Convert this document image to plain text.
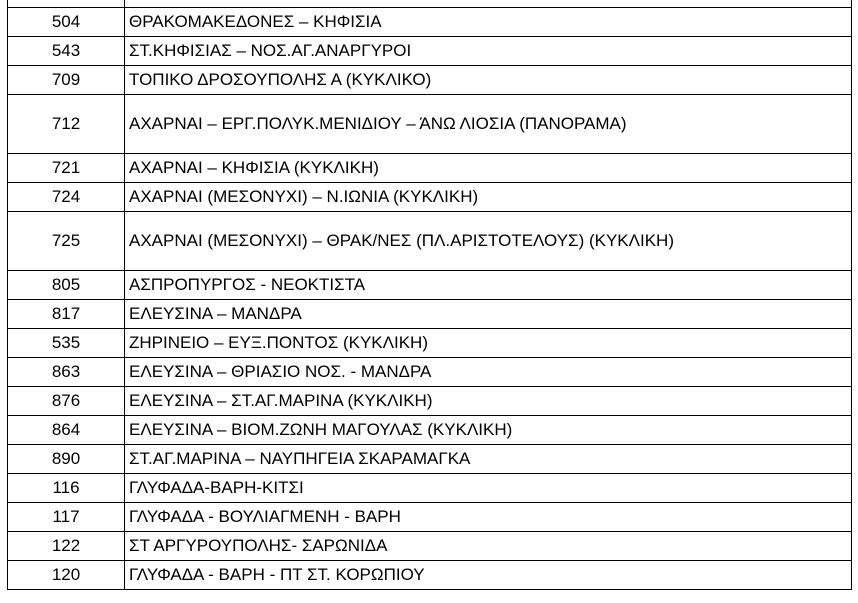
504	ΘΡΑΚΟΜΑΚΕΔΟΝΕΣ – ΚΗΦΙΣΙΑ
543	ΣΤ.ΚΗΦΙΣΙΑΣ – ΝΟΣ.ΑΓ.ΑΝΑΡΓΥΡΟΙ
709	ΤΟΠΙΚΟ ΔΡΟΣΟΥΠΟΛΗΣ Α (ΚΥΚΛΙΚΟ)
712	ΑΧΑΡΝΑΙ – ΕΡΓ.ΠΟΛΥΚ.ΜΕΝΙΔΙΟΥ – ΆΝΩ ΛΙΟΣΙΑ (ΠΑΝΟΡΑΜΑ)
721	ΑΧΑΡΝΑΙ – ΚΗΦΙΣΙΑ (ΚΥΚΛΙΚΗ)
724	ΑΧΑΡΝΑΙ (ΜΕΣΟΝΥΧΙ) – Ν.ΙΩΝΙΑ (ΚΥΚΛΙΚΗ)
725	ΑΧΑΡΝΑΙ (ΜΕΣΟΝΥΧΙ) – ΘΡΑΚ/ΝΕΣ (ΠΛ.ΑΡΙΣΤΟΤΕΛΟΥΣ) (ΚΥΚΛΙΚΗ)
805	ΑΣΠΡΟΠΥΡΓΟΣ - ΝΕΟΚΤΙΣΤΑ
817	ΕΛΕΥΣΙΝΑ – ΜΑΝΔΡΑ
535	ΖΗΡΙΝΕΙΟ – ΕΥΞ.ΠΟΝΤΟΣ (ΚΥΚΛΙΚΗ)
863	ΕΛΕΥΣΙΝΑ – ΘΡΙΑΣΙΟ ΝΟΣ. - ΜΑΝΔΡΑ
876	ΕΛΕΥΣΙΝΑ – ΣΤ.ΑΓ.ΜΑΡΙΝΑ (ΚΥΚΛΙΚΗ)
864	ΕΛΕΥΣΙΝΑ – ΒΙΟΜ.ΖΩΝΗ ΜΑΓΟΥΛΑΣ (ΚΥΚΛΙΚΗ)
890	ΣΤ.ΑΓ.ΜΑΡΙΝΑ – ΝΑΥΠΗΓΕΙΑ ΣΚΑΡΑΜΑΓΚΑ
116	ΓΛΥΦΑΔΑ-ΒΑΡΗ-ΚΙΤΣΙ
117	ΓΛΥΦΑΔΑ - ΒΟΥΛΙΑΓΜΕΝΗ - ΒΑΡΗ
122	ΣΤ ΑΡΓΥΡΟΥΠΟΛΗΣ- ΣΑΡΩΝΙΔΑ
120	ΓΛΥΦΑΔΑ - ΒΑΡΗ - ΠΤ ΣΤ. ΚΟΡΩΠΙΟΥ
